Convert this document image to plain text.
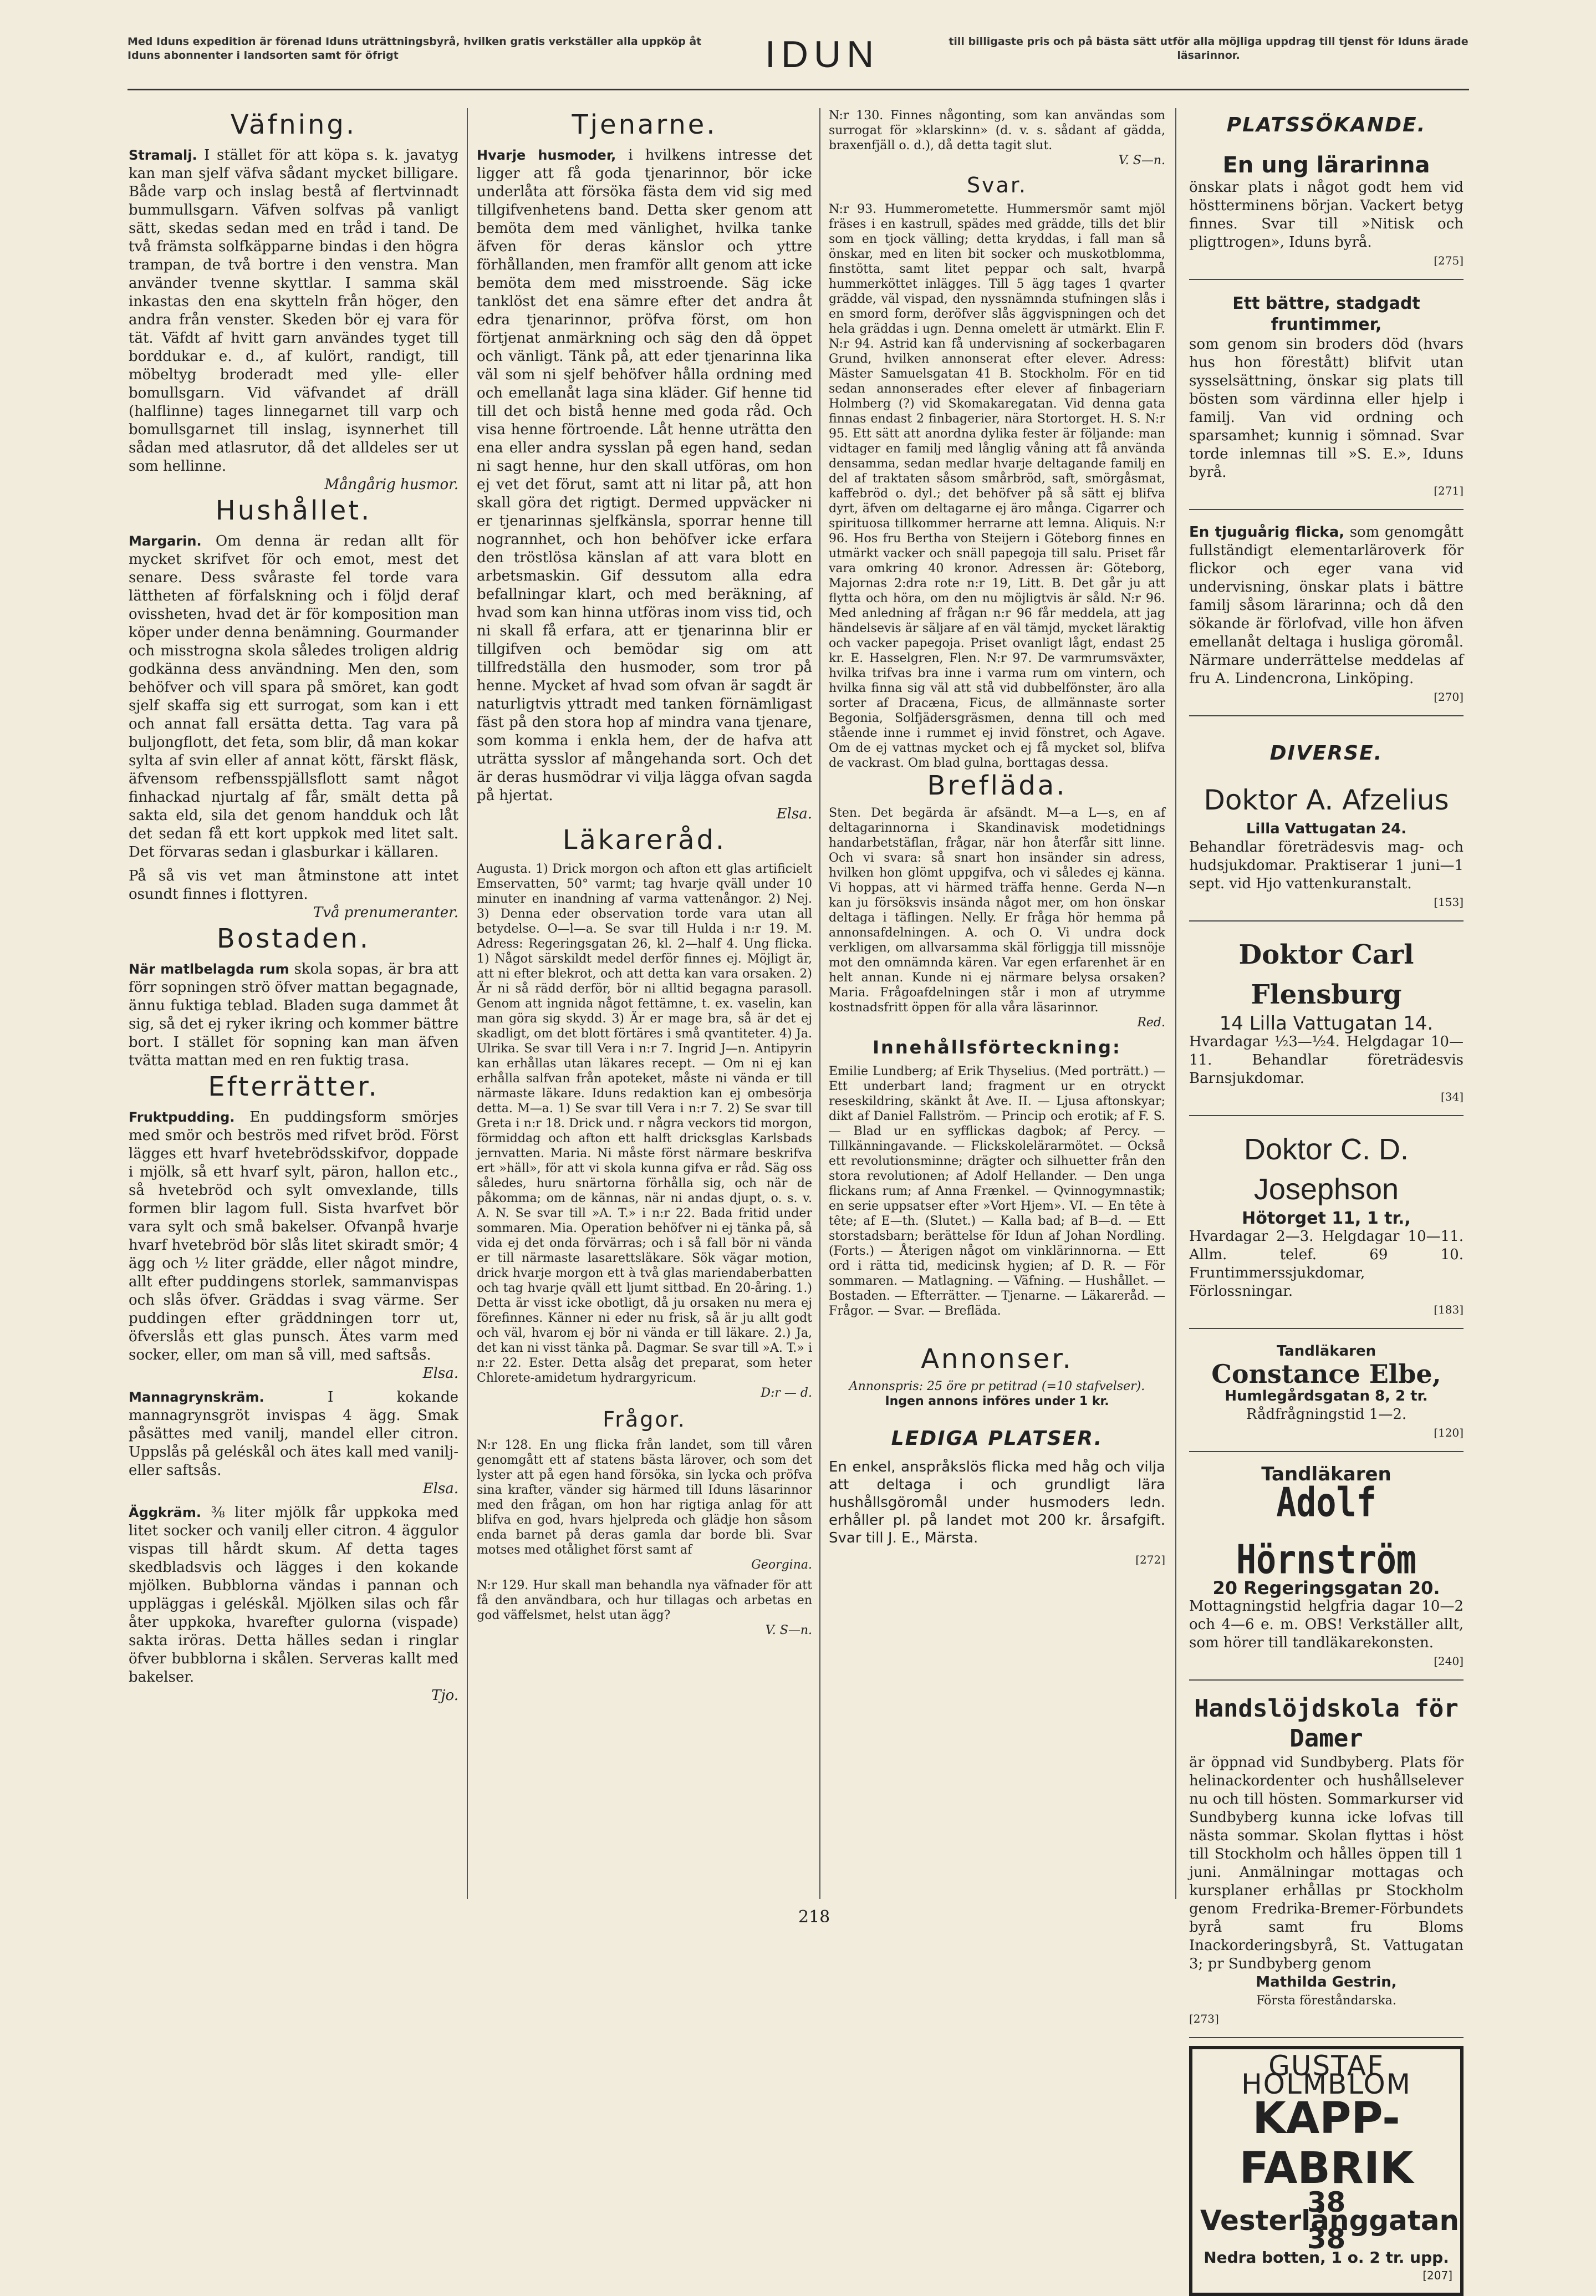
Med Iduns expedition är förenad Iduns uträttningsbyrå, hvilken gratis verkställer alla uppköp åt Iduns abonnenter i landsorten samt för öfrigt	IDUN	till billigaste pris och på bästa sätt utför alla möjliga uppdrag till tjenst för Iduns ärade läsarinnor.
Väfning.

Stramalj. I stället för att köpa s. k. javatyg kan man sjelf väfva sådant mycket billigare. Både varp och inslag bestå af flertvinnadt bummullsgarn. Väfven solfvas på vanligt sätt, skedas sedan med en tråd i tand. De två främsta solfkäpparne bindas i den högra trampan, de två bortre i den venstra. Man använder tvenne skyttlar. I samma skäl inkastas den ena skytteln från höger, den andra från venster. Skeden bör ej vara för tät. Väfdt af hvitt garn användes tyget till borddukar e. d., af kulört, randigt, till möbeltyg broderadt med ylle- eller bomullsgarn. Vid väfvandet af dräll (halflinne) tages linnegarnet till varp och bomullsgarnet till inslag, isynnerhet till sådan med atlasrutor, då det alldeles ser ut som hellinne.
Mångårig husmor.

Hushållet.

Margarin. Om denna är redan allt för mycket skrifvet för och emot, mest det senare. Dess svåraste fel torde vara lättheten af förfalskning och i följd deraf ovissheten, hvad det är för komposition man köper under denna benämning. Gourmander och misstrogna skola således troligen aldrig godkänna dess användning. Men den, som behöfver och vill spara på smöret, kan godt sjelf skaffa sig ett surrogat, som kan i ett och annat fall ersätta detta. Tag vara på buljongflott, det feta, som blir, då man kokar sylta af svin eller af annat kött, färskt fläsk, äfvensom refbensspjällsflott samt något finhackad njurtalg af får, smält detta på sakta eld, sila det genom handduk och låt det sedan få ett kort uppkok med litet salt. Det förvaras sedan i glasburkar i källaren.

På så vis vet man åtminstone att intet osundt finnes i flottyren.
Två prenumeranter.

Bostaden.

När matlbelagda rum skola sopas, är bra att förr sopningen strö öfver mattan begagnade, ännu fuktiga teblad. Bladen suga dammet åt sig, så det ej ryker ikring och kommer bättre bort. I stället för sopning kan man äfven tvätta mattan med en ren fuktig trasa.

Efterrätter.

Fruktpudding. En puddingsform smörjes med smör och beströs med rifvet bröd. Först lägges ett hvarf hvetebrödsskifvor, doppade i mjölk, så ett hvarf sylt, päron, hallon etc., så hvetebröd och sylt omvexlande, tills formen blir lagom full. Sista hvarfvet bör vara sylt och små bakelser. Ofvanpå hvarje hvarf hvetebröd bör slås litet skiradt smör; 4 ägg och ½ liter grädde, eller något mindre, allt efter puddingens storlek, sammanvispas och slås öfver. Gräddas i svag värme. Ser puddingen efter gräddningen torr ut, öfverslås ett glas punsch. Ätes varm med socker, eller, om man så vill, med saftsås.
Elsa.

Mannagrynskräm.	I kokande mannagrynsgröt invispas 4 ägg. Smak påsättes med vanilj, mandel eller citron. Uppslås på geléskål och ätes kall med vanilj- eller saftsås.
Elsa.

Äggkräm. ⅜ liter mjölk får uppkoka med litet socker och vanilj eller citron. 4 äggulor vispas till hårdt skum. Af detta tages skedbladsvis och lägges i den kokande mjölken. Bubblorna vändas i pannan och uppläggas i geléskål. Mjölken silas och får åter uppkoka, hvarefter gulorna (vispade) sakta iröras. Detta hälles sedan i ringlar öfver bubblorna i skålen. Serveras kallt med bakelser.
Tjo.

Tjenarne.

Hvarje husmoder, i hvilkens intresse det ligger att få goda tjenarinnor, bör icke underlåta att försöka fästa dem vid sig med tillgifvenhetens band. Detta sker genom att bemöta dem med vänlighet, hvilka tanke äfven för deras känslor och yttre förhållanden, men framför allt genom att icke bemöta dem med misstroende. Säg icke tanklöst det ena sämre efter det andra åt edra tjenarinnor, pröfva först, om hon förtjenat anmärkning och säg den då öppet och vänligt. Tänk på, att eder tjenarinna lika väl som ni sjelf behöfver hålla ordning med och emellanåt laga sina kläder. Gif henne tid till det och bistå henne med goda råd. Och visa henne förtroende. Låt henne uträtta den ena eller andra sysslan på egen hand, sedan ni sagt henne, hur den skall utföras, om hon ej vet det förut, samt att ni litar på, att hon skall göra det rigtigt. Dermed uppväcker ni er tjenarinnas sjelfkänsla, sporrar henne till nogrannhet, och hon behöfver icke erfara den tröstlösa känslan af att vara blott en arbetsmaskin. Gif dessutom alla edra befallningar klart, och med beräkning, af hvad som kan hinna utföras inom viss tid, och ni skall få erfara, att er tjenarinna blir er tillgifven och bemödar sig om att tillfredställa den husmoder, som tror på henne. Mycket af hvad som ofvan är sagdt är naturligtvis yttradt med tanken förnämligast fäst på den stora hop af mindra vana tjenare, som komma i enkla hem, der de hafva att uträtta sysslor af mångehanda sort. Och det är deras husmödrar vi vilja lägga ofvan sagda på hjertat.
Elsa.

Läkareråd.

Augusta. 1) Drick morgon och afton ett glas artificielt Emservatten, 50° varmt; tag hvarje qväll under 10 minuter en inandning af varma vattenångor. 2) Nej. 3) Denna eder observation torde vara utan all betydelse. O—l—a. Se svar till Hulda i n:r 19. M. Adress: Regeringsgatan 26, kl. 2—half 4. Ung flicka. 1) Något särskildt medel derför finnes ej. Möjligt är, att ni efter blekrot, och att detta kan vara orsaken. 2) Är ni så rädd derför, bör ni alltid begagna parasoll. Genom att ingnida något fettämne, t. ex. vaselin, kan man göra sig skydd. 3) Är er mage bra, så är det ej skadligt, om det blott förtäres i små qvantiteter. 4) Ja. Ulrika. Se svar till Vera i n:r 7. Ingrid J—n. Antipyrin kan erhållas utan läkares recept. — Om ni ej kan erhålla salfvan från apoteket, måste ni vända er till närmaste läkare. Iduns redaktion kan ej ombesörja detta. M—a. 1) Se svar till Vera i n:r 7. 2) Se svar till Greta i n:r 18. Drick und. r några veckors tid morgon, förmiddag och afton ett halft dricksglas Karlsbads jernvatten. Maria. Ni måste först närmare beskrifva ert »häll», för att vi skola kunna gifva er råd. Säg oss således, huru snärtorna förhålla sig, och när de påkomma; om de kännas, när ni andas djupt, o. s. v. A. N. Se svar till »A. T.» i n:r 22. Bada fritid under sommaren. Mia. Operation behöfver ni ej tänka på, så vida ej det onda förvärras; och i så fall bör ni vända er till närmaste lasarettsläkare. Sök vägar motion, drick hvarje morgon ett à två glas mariendaberbatten och tag hvarje qväll ett ljumt sittbad. En 20-åring. 1.) Detta är visst icke obotligt, då ju orsaken nu mera ej förefinnes. Känner ni eder nu frisk, så är ju allt godt och väl, hvarom ej bör ni vända er till läkare. 2.) Ja, det kan ni visst tänka på. Dagmar. Se svar till »A. T.» i n:r 22. Ester. Detta alsåg det preparat, som heter Chlorete-amidetum hydrargyricum.
D:r — d.

Frågor.

N:r 128. En ung flicka från landet, som till våren genomgått ett af statens bästa lärover, och som det lyster att på egen hand försöka, sin lycka och pröfva sina krafter, vänder sig härmed till Iduns läsarinnor med den frågan, om hon har rigtiga anlag för att blifva en god, hvars hjelpreda och glädje hon såsom enda barnet på deras gamla dar borde bli. Svar motses med otålighet först samt af
Georgina.

N:r 129. Hur skall man behandla nya väfnader för att få den användbara, och hur tillagas och arbetas en god väffelsmet, helst utan ägg?
V. S—n.

N:r 130. Finnes någonting, som kan användas som surrogat för »klarskinn» (d. v. s. sådant af gädda, braxenfjäll o. d.), då detta tagit slut.
V. S—n.

Svar.

N:r 93. Hummerometette. Hummersmör samt mjöl fräses i en kastrull, spädes med grädde, tills det blir som en tjock välling; detta kryddas, i fall man så önskar, med en liten bit socker och muskotblomma, finstötta, samt litet peppar och salt, hvarpå hummerköttet inlägges. Till 5 ägg tages 1 qvarter grädde, väl vispad, den nyssnämnda stufningen slås i en smord form, deröfver slås äggvispningen och det hela gräddas i ugn. Denna omelett är utmärkt. Elin F. N:r 94. Astrid kan få undervisning af sockerbagaren Grund, hvilken annonserat efter elever. Adress: Mäster Samuelsgatan 41 B. Stockholm. För en tid sedan annonserades efter elever af finbageriarn Holmberg (?) vid Skomakaregatan. Vid denna gata finnas endast 2 finbagerier, nära Stortorget. H. S. N:r 95. Ett sätt att anordna dylika fester är följande: man vidtager en familj med långlig våning att få använda densamma, sedan medlar hvarje deltagande familj en del af traktaten såsom smårbröd, saft, smörgåsmat, kaffebröd o. dyl.; det behöfver på så sätt ej blifva dyrt, äfven om deltagarne ej äro många. Cigarrer och spirituosa tillkommer herrarne att lemna. Aliquis. N:r 96. Hos fru Bertha von Steijern i Göteborg finnes en utmärkt vacker och snäll papegoja till salu. Priset får vara omkring 40 kronor. Adressen är: Göteborg, Majornas 2:dra rote n:r 19, Litt. B. Det går ju att flytta och höra, om den nu möjligtvis är såld. N:r 96. Med anledning af frågan n:r 96 får meddela, att jag händelsevis är säljare af en väl tämjd, mycket läraktig och vacker papegoja. Priset ovanligt lågt, endast 25 kr. E. Hasselgren, Flen. N:r 97. De varmrumsväxter, hvilka trifvas bra inne i varma rum om vintern, och hvilka finna sig väl att stå vid dubbelfönster, äro alla sorter af Dracæna, Ficus, de allmännaste sorter Begonia, Solfjädersgräsmen, denna till och med stående inne i rummet ej invid fönstret, och Agave. Om de ej vattnas mycket och ej få mycket sol, blifva de vackrast. Om blad gulna, borttagas dessa.

Brefläda.

Sten. Det begärda är afsändt. M—a L—s, en af deltagarinnorna i Skandinavisk modetidnings handarbetstäflan, frågar, när hon återfår sitt linne. Och vi svara: så snart hon insänder sin adress, hvilken hon glömt uppgifva, och vi således ej känna. Vi hoppas, att vi härmed träffa henne. Gerda N—n kan ju försöksvis insända något mer, om hon önskar deltaga i täflingen. Nelly. Er fråga hör hemma på annonsafdelningen. A. och O. Vi undra dock verkligen, om allvarsamma skäl förliggja till missnöje mot den omnämnda kären. Var egen erfarenhet är en helt annan. Kunde ni ej närmare belysa orsaken? Maria. Frågoafdelningen står i mon af utrymme kostnadsfritt öppen för alla våra läsarinnor.
Red.

Innehållsförteckning:

Emilie Lundberg; af Erik Thyselius. (Med porträtt.) — Ett underbart land; fragment ur en otryckt reseskildring, skänkt åt Ave. II. — Ljusa aftonskyar; dikt af Daniel Fallström. — Princip och erotik; af F. S. — Blad ur en syfflickas dagbok; af Percy. — Tillkänningavande. — Flickskolelärarmötet. — Också ett revolutionsminne; drägter och silhuetter från den stora revolutionen; af Adolf Hellander. — Den unga flickans rum; af Anna Frænkel. — Qvinnogymnastik; en serie uppsatser efter »Vort Hjem». VI. — En tête à tête; af E—th. (Slutet.) — Kalla bad; af B—d. — Ett storstadsbarn; berättelse för Idun af Johan Nordling. (Forts.) — Återigen något om vinklärinnorna. — Ett ord i rätta tid, medicinsk hygien; af D. R. — För sommaren. — Matlagning. — Väfning. — Hushållet. — Bostaden. — Efterrätter. — Tjenarne. — Läkareråd. — Frågor. — Svar. — Brefläda.

Annonser.
Annonspris: 25 öre pr petitrad (=10 stafvelser).
Ingen annons införes under 1 kr.
LEDIGA PLATSER.

En enkel, anspråkslös flicka med håg och vilja att deltaga i och grundligt lära hushållsgöromål under husmoders ledn. erhåller pl. på landet mot 200 kr. årsafgift. Svar till J. E., Märsta.

[272]
PLATSSÖKANDE.
En ung lärarinna
önskar plats i något godt hem vid höstterminens början. Vackert betyg finnes. Svar till »Nitisk och pligttrogen», Iduns byrå.
[275]
Ett bättre, stadgadt fruntimmer,
som genom sin broders död (hvars hus hon förestått) blifvit utan sysselsättning, önskar sig plats till bösten som värdinna eller hjelp i familj. Van vid ordning och sparsamhet; kunnig i sömnad. Svar torde inlemnas till »S. E.», Iduns byrå.
[271]
En tjuguårig flicka, som genomgått fullständigt elementarläroverk för flickor och eger vana vid undervisning, önskar plats i bättre familj såsom lärarinna; och då den sökande är förlofvad, ville hon äfven emellanåt deltaga i husliga göromål. Närmare underrättelse meddelas af fru A. Lindencrona, Linköping.
[270]
DIVERSE.
Doktor A. Afzelius
Lilla Vattugatan 24.
Behandlar företrädesvis mag- och hudsjukdomar. Praktiserar 1 juni—1 sept. vid Hjo vattenkuranstalt.
[153]
Doktor Carl Flensburg
14 Lilla Vattugatan 14.
Hvardagar ½3—½4. Helgdagar 10—11. Behandlar företrädesvis Barnsjukdomar.
[34]
Doktor C. D. Josephson
Hötorget 11, 1 tr.,
Hvardagar 2—3. Helgdagar 10—11. Allm. telef. 69 10. Fruntimmerssjukdomar, Förlossningar.
[183]
Tandläkaren
Constance Elbe,
Humlegårdsgatan 8, 2 tr.
Rådfrågningstid 1—2.
[120]
Tandläkaren
Adolf Hörnström
20 Regeringsgatan 20.
Mottagningstid helgfria dagar 10—2 och 4—6 e. m. OBS! Verkställer allt, som hörer till tandläkarekonsten.
[240]
Handslöjdskola för Damer
är öppnad vid Sundbyberg. Plats för helinackordenter och hushållselever nu och till hösten. Sommarkurser vid Sundbyberg kunna icke lofvas till nästa sommar. Skolan flyttas i höst till Stockholm och hålles öppen till 1 juni. Anmälningar mottagas och kursplaner erhållas pr Stockholm genom Fredrika-Bremer-Förbundets byrå samt fru Bloms Inackorderingsbyrå, St. Vattugatan 3; pr Sundbyberg genom
Mathilda Gestrin,
Första föreståndarska.
[273]
GUSTAF HOLMBLOM
KAPP-FABRIK
38 Vesterlånggatan 38
Nedra botten, 1 o. 2 tr. upp.
[207]
218
